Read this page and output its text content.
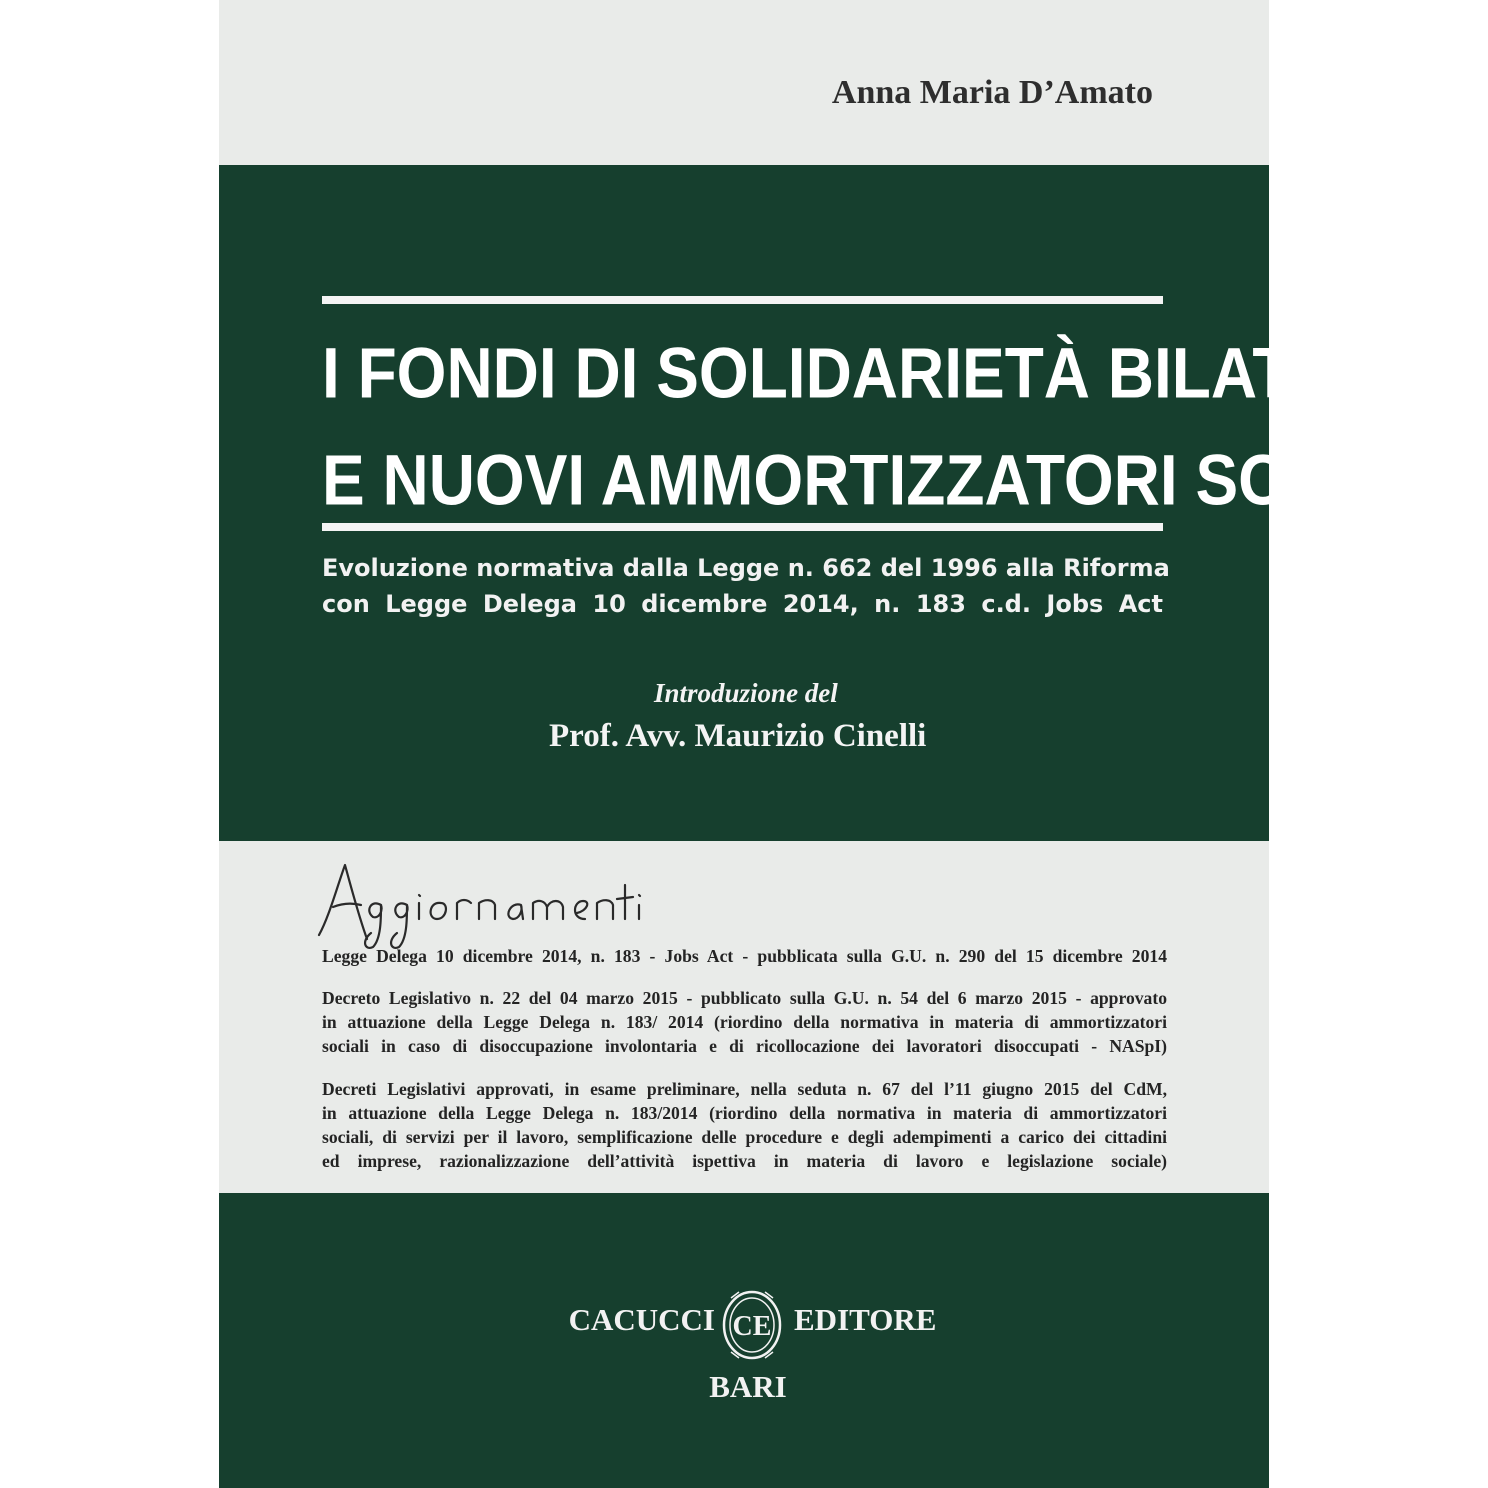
Anna Maria D’Amato
I FONDI DI SOLIDARIETÀ BILATERALI
E NUOVI AMMORTIZZATORI SOCIALI
Evoluzione normativa dalla Legge n. 662 del 1996 alla Riforma
con Legge Delega 10 dicembre 2014, n. 183 c.d. Jobs Act
Introduzione del
Prof. Avv. Maurizio Cinelli
Legge Delega 10 dicembre 2014, n. 183 - Jobs Act - pubblicata sulla G.U. n. 290 del 15 dicembre 2014
Decreto Legislativo n. 22 del 04 marzo 2015 - pubblicato sulla G.U. n. 54 del 6 marzo 2015 - approvato
in attuazione della Legge Delega n. 183/ 2014 (riordino della normativa in materia di ammortizzatori
sociali in caso di disoccupazione involontaria e di ricollocazione dei lavoratori disoccupati - NASpI)
Decreti Legislativi approvati, in esame preliminare, nella seduta n. 67 del l’11 giugno 2015 del CdM,
in attuazione della Legge Delega n. 183/2014 (riordino della normativa in materia di ammortizzatori
sociali, di servizi per il lavoro, semplificazione delle procedure e degli adempimenti a carico dei cittadini
ed imprese, razionalizzazione dell’attività ispettiva in materia di lavoro e legislazione sociale)
CACUCCI CE EDITORE
BARI
